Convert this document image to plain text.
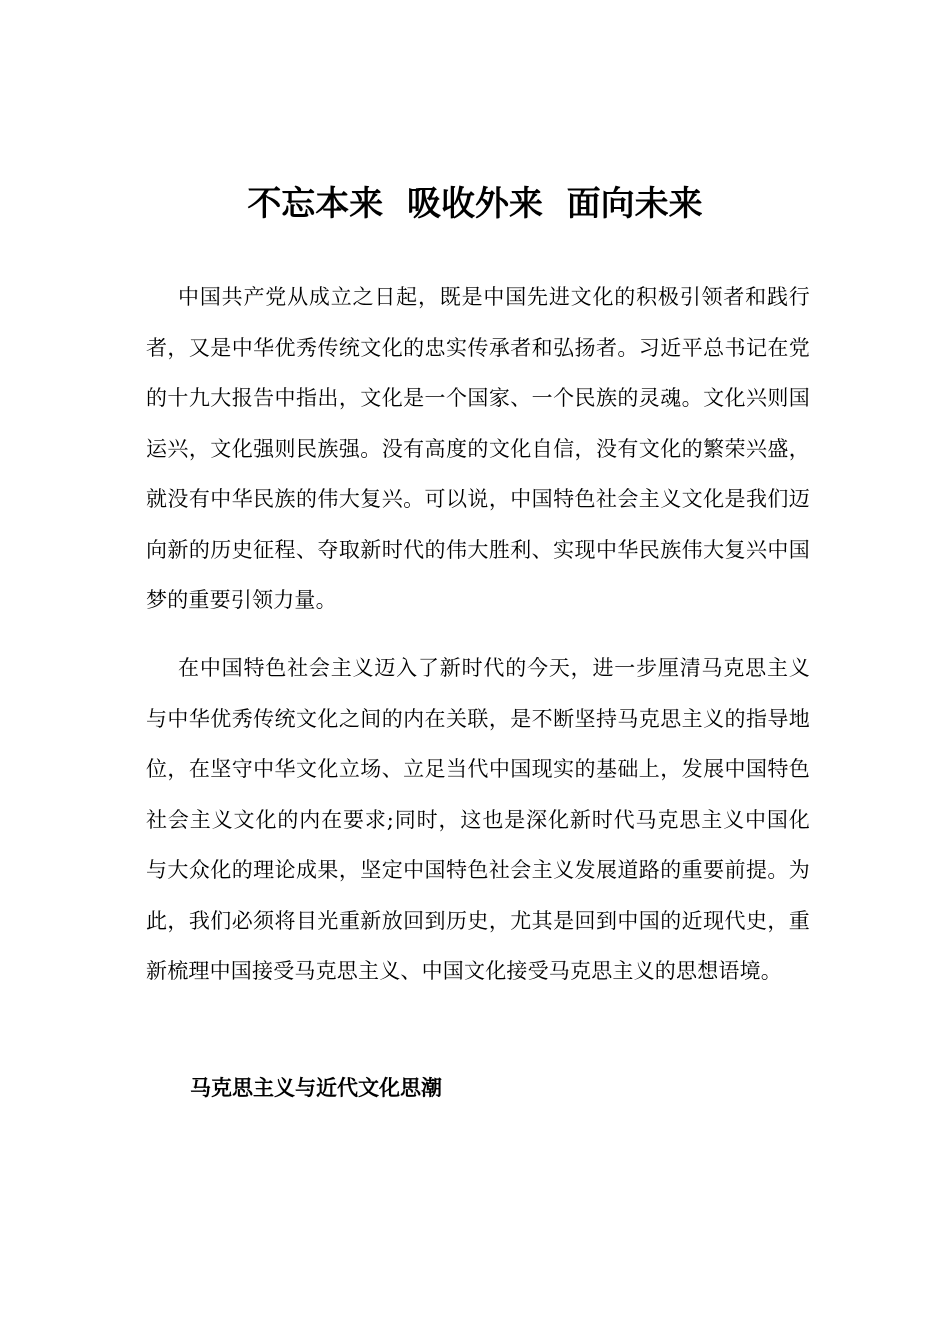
不忘本来  吸收外来  面向未来

中国共产党从成立之日起，既是中国先进文化的积极引领者和践行者，又是中华优秀传统文化的忠实传承者和弘扬者。习近平总书记在党的十九大报告中指出，文化是一个国家、一个民族的灵魂。文化兴则国运兴，文化强则民族强。没有高度的文化自信，没有文化的繁荣兴盛，就没有中华民族的伟大复兴。可以说，中国特色社会主义文化是我们迈向新的历史征程、夺取新时代的伟大胜利、实现中华民族伟大复兴中国梦的重要引领力量。

在中国特色社会主义迈入了新时代的今天，进一步厘清马克思主义与中华优秀传统文化之间的内在关联，是不断坚持马克思主义的指导地位，在坚守中华文化立场、立足当代中国现实的基础上，发展中国特色社会主义文化的内在要求;同时，这也是深化新时代马克思主义中国化与大众化的理论成果，坚定中国特色社会主义发展道路的重要前提。为此，我们必须将目光重新放回到历史，尤其是回到中国的近现代史，重新梳理中国接受马克思主义、中国文化接受马克思主义的思想语境。

马克思主义与近代文化思潮
